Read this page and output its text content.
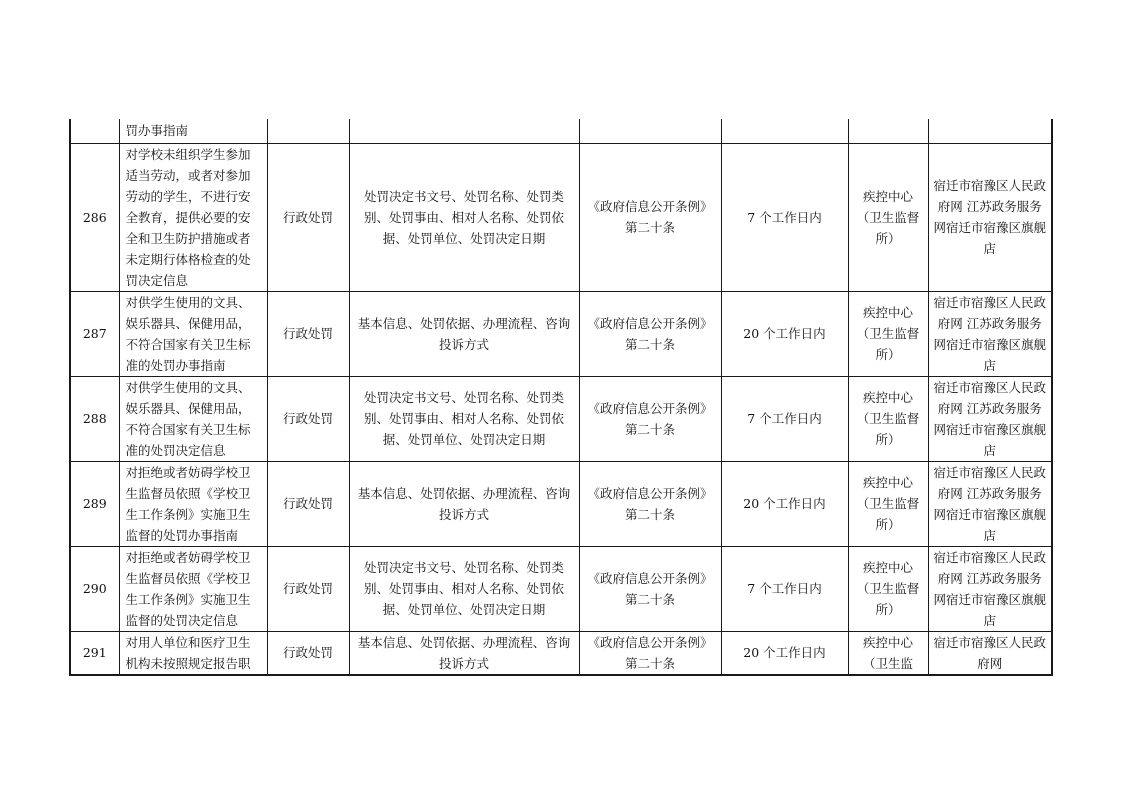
	罚办事指南						
286	对学校未组织学生参加适当劳动，或者对参加劳动的学生，不进行安全教育，提供必要的安全和卫生防护措施或者未定期行体格检查的处罚决定信息	行政处罚	处罚决定书文号、处罚名称、处罚类别、处罚事由、相对人名称、处罚依据、处罚单位、处罚决定日期	《政府信息公开条例》第二十条	7 个工作日内	疾控中心（卫生监督所）	宿迁市宿豫区人民政府网 江苏政务服务网宿迁市宿豫区旗舰店
287	对供学生使用的文具、娱乐器具、保健用品，不符合国家有关卫生标准的处罚办事指南	行政处罚	基本信息、处罚依据、办理流程、咨询投诉方式	《政府信息公开条例》第二十条	20 个工作日内	疾控中心（卫生监督所）	宿迁市宿豫区人民政府网 江苏政务服务网宿迁市宿豫区旗舰店
288	对供学生使用的文具、娱乐器具、保健用品，不符合国家有关卫生标准的处罚决定信息	行政处罚	处罚决定书文号、处罚名称、处罚类别、处罚事由、相对人名称、处罚依据、处罚单位、处罚决定日期	《政府信息公开条例》第二十条	7 个工作日内	疾控中心（卫生监督所）	宿迁市宿豫区人民政府网 江苏政务服务网宿迁市宿豫区旗舰店
289	对拒绝或者妨碍学校卫生监督员依照《学校卫生工作条例》实施卫生监督的处罚办事指南	行政处罚	基本信息、处罚依据、办理流程、咨询投诉方式	《政府信息公开条例》第二十条	20 个工作日内	疾控中心（卫生监督所）	宿迁市宿豫区人民政府网 江苏政务服务网宿迁市宿豫区旗舰店
290	对拒绝或者妨碍学校卫生监督员依照《学校卫生工作条例》实施卫生监督的处罚决定信息	行政处罚	处罚决定书文号、处罚名称、处罚类别、处罚事由、相对人名称、处罚依据、处罚单位、处罚决定日期	《政府信息公开条例》第二十条	7 个工作日内	疾控中心（卫生监督所）	宿迁市宿豫区人民政府网 江苏政务服务网宿迁市宿豫区旗舰店
291	对用人单位和医疗卫生机构未按照规定报告职	行政处罚	基本信息、处罚依据、办理流程、咨询投诉方式	《政府信息公开条例》第二十条	20 个工作日内	疾控中心（卫生监	宿迁市宿豫区人民政府网
